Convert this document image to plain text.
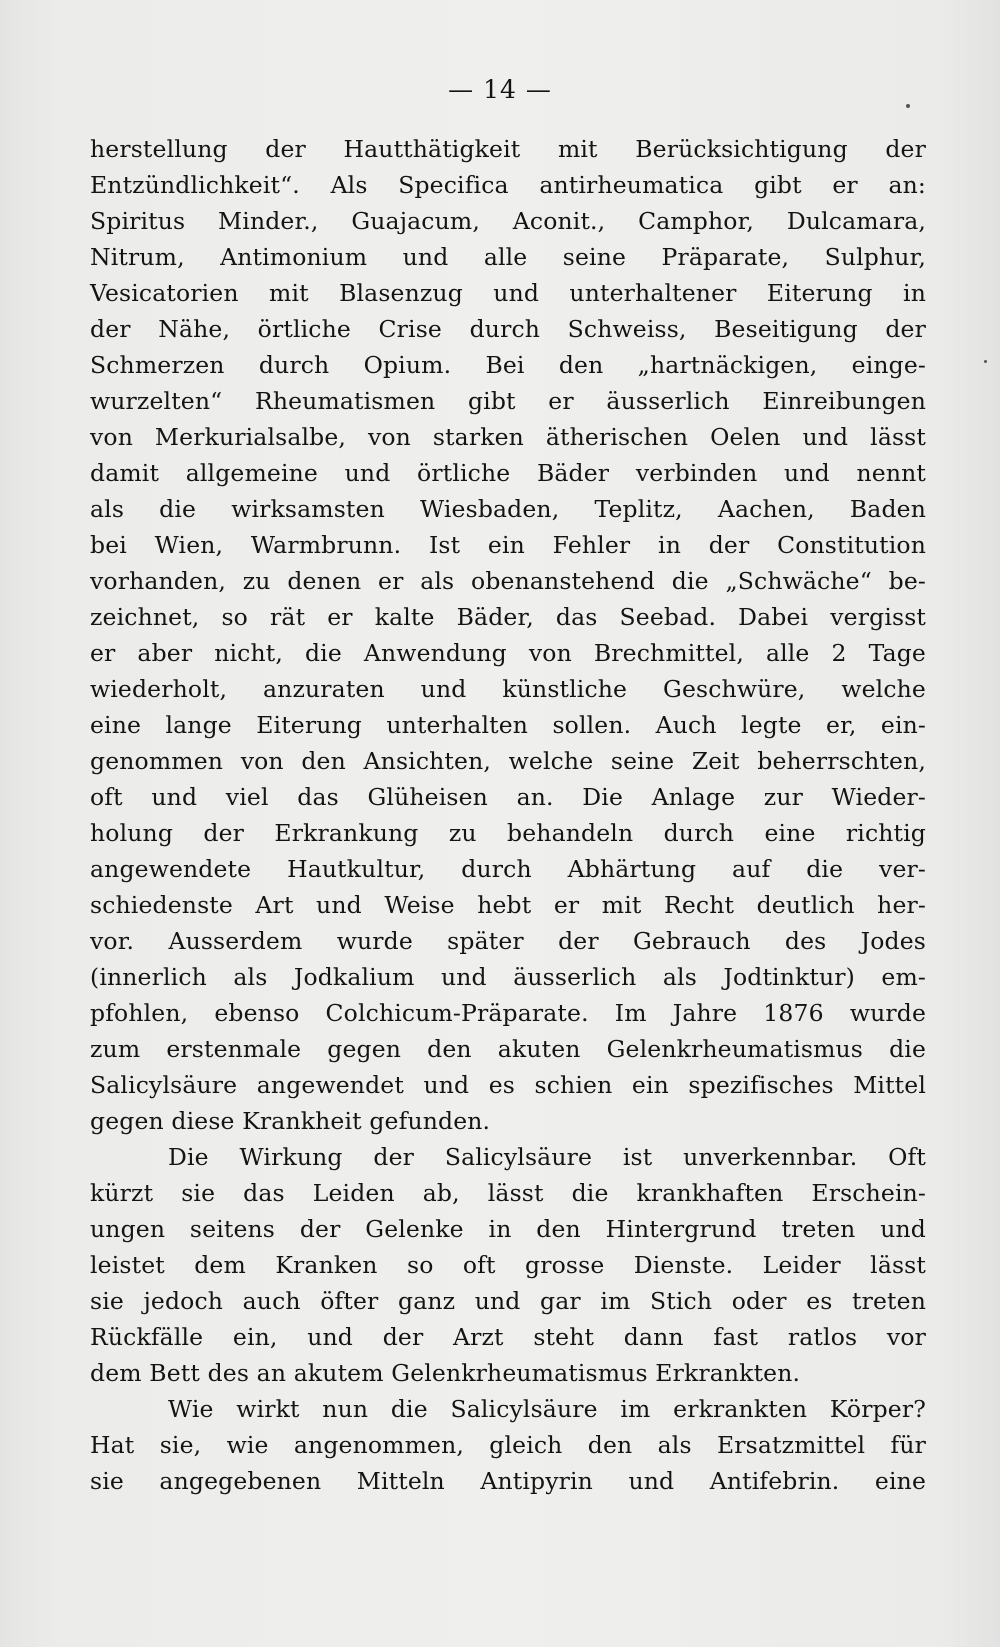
— 14 —
herstellung der Hautthätigkeit mit Berücksichtigung der
Entzündlichkeit“. Als Specifica antirheumatica gibt er an:
Spiritus Minder., Guajacum, Aconit., Camphor, Dulcamara,
Nitrum, Antimonium und alle seine Präparate, Sulphur,
Vesicatorien mit Blasenzug und unterhaltener Eiterung in
der Nähe, örtliche Crise durch Schweiss, Beseitigung der
Schmerzen durch Opium. Bei den „hartnäckigen, einge-
wurzelten“ Rheumatismen gibt er äusserlich Einreibungen
von Merkurialsalbe, von starken ätherischen Oelen und lässt
damit allgemeine und örtliche Bäder verbinden und nennt
als die wirksamsten Wiesbaden, Teplitz, Aachen, Baden
bei Wien, Warmbrunn. Ist ein Fehler in der Constitution
vorhanden, zu denen er als obenanstehend die „Schwäche“ be-
zeichnet, so rät er kalte Bäder, das Seebad. Dabei vergisst
er aber nicht, die Anwendung von Brechmittel, alle 2 Tage
wiederholt, anzuraten und künstliche Geschwüre, welche
eine lange Eiterung unterhalten sollen. Auch legte er, ein-
genommen von den Ansichten, welche seine Zeit beherrschten,
oft und viel das Glüheisen an. Die Anlage zur Wieder-
holung der Erkrankung zu behandeln durch eine richtig
angewendete Hautkultur, durch Abhärtung auf die ver-
schiedenste Art und Weise hebt er mit Recht deutlich her-
vor. Ausserdem wurde später der Gebrauch des Jodes
(innerlich als Jodkalium und äusserlich als Jodtinktur) em-
pfohlen, ebenso Colchicum-Präparate. Im Jahre 1876 wurde
zum erstenmale gegen den akuten Gelenkrheumatismus die
Salicylsäure angewendet und es schien ein spezifisches Mittel
gegen diese Krankheit gefunden.
Die Wirkung der Salicylsäure ist unverkennbar. Oft
kürzt sie das Leiden ab, lässt die krankhaften Erschein-
ungen seitens der Gelenke in den Hintergrund treten und
leistet dem Kranken so oft grosse Dienste. Leider lässt
sie jedoch auch öfter ganz und gar im Stich oder es treten
Rückfälle ein, und der Arzt steht dann fast ratlos vor
dem Bett des an akutem Gelenkrheumatismus Erkrankten.
Wie wirkt nun die Salicylsäure im erkrankten Körper?
Hat sie, wie angenommen, gleich den als Ersatzmittel für
sie angegebenen Mitteln Antipyrin und Antifebrin. eine
